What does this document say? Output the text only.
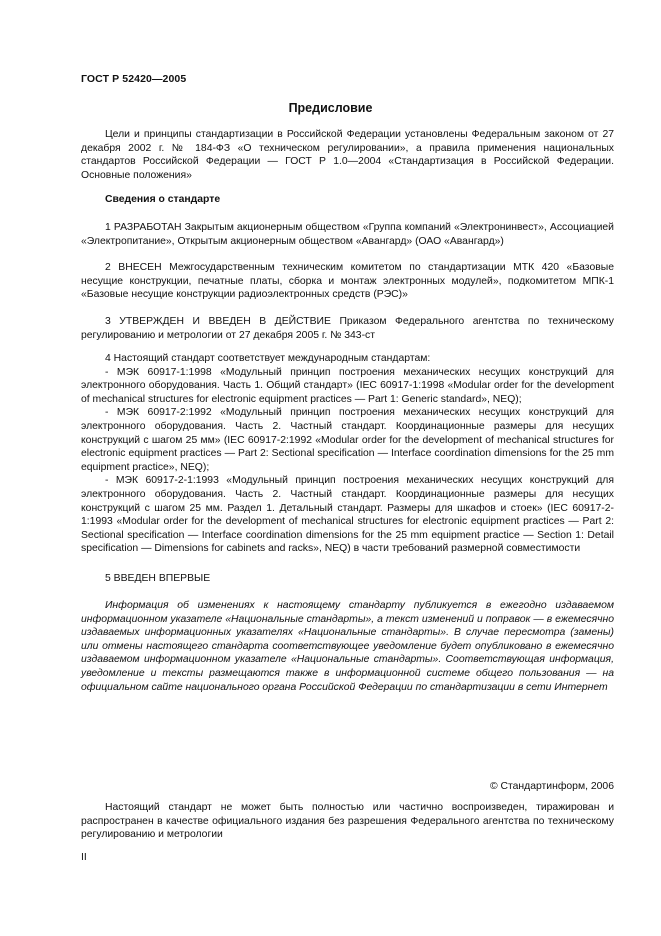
ГОСТ Р 52420—2005
Предисловие

Цели и принципы стандартизации в Российской Федерации установлены Федеральным законом от 27 декабря 2002 г. № 184-ФЗ «О техническом регулировании», а правила применения национальных стандартов Российской Федерации — ГОСТ Р 1.0—2004 «Стандартизация в Российской Федерации. Основные положения»

Сведения о стандарте

1 РАЗРАБОТАН Закрытым акционерным обществом «Группа компаний «Электронинвест», Ассоциацией «Электропитание», Открытым акционерным обществом «Авангард» (ОАО «Авангард»)

2 ВНЕСЕН Межгосударственным техническим комитетом по стандартизации МТК 420 «Базовые несущие конструкции, печатные платы, сборка и монтаж электронных модулей», подкомитетом МПК-1 «Базовые несущие конструкции радиоэлектронных средств (РЭС)»

3 УТВЕРЖДЕН И ВВЕДЕН В ДЕЙСТВИЕ Приказом Федерального агентства по техническому регулированию и метрологии от 27 декабря 2005 г. № 343-ст

4 Настоящий стандарт соответствует международным стандартам:

- МЭК 60917-1:1998 «Модульный принцип построения механических несущих конструкций для электронного оборудования. Часть 1. Общий стандарт» (IEC 60917-1:1998 «Modular order for the development of mechanical structures for electronic equipment practices — Part 1: Generic standard», NEQ);

- МЭК 60917-2:1992 «Модульный принцип построения механических несущих конструкций для электронного оборудования. Часть 2. Частный стандарт. Координационные размеры для несущих конструкций с шагом 25 мм» (IEC 60917-2:1992 «Modular order for the development of mechanical structures for electronic equipment practices — Part 2: Sectional specification — Interface coordination dimensions for the 25 mm equipment practice», NEQ);

- МЭК 60917-2-1:1993 «Модульный принцип построения механических несущих конструкций для электронного оборудования. Часть 2. Частный стандарт. Координационные размеры для несущих конструкций с шагом 25 мм. Раздел 1. Детальный стандарт. Размеры для шкафов и стоек» (IEC 60917-2-1:1993 «Modular order for the development of mechanical structures for electronic equipment practices — Part 2: Sectional specification — Interface coordination dimensions for the 25 mm equipment practice — Section 1: Detail specification — Dimensions for cabinets and racks», NEQ) в части требований размерной совместимости

5 ВВЕДЕН ВПЕРВЫЕ

Информация об изменениях к настоящему стандарту публикуется в ежегодно издаваемом информационном указателе «Национальные стандарты», а текст изменений и поправок — в ежемесячно издаваемых информационных указателях «Национальные стандарты». В случае пересмотра (замены) или отмены настоящего стандарта соответствующее уведомление будет опубликовано в ежемесячно издаваемом информационном указателе «Национальные стандарты». Соответствующая информация, уведомление и тексты размещаются также в информационной системе общего пользования — на официальном сайте национального органа Российской Федерации по стандартизации в сети Интернет

© Стандартинформ, 2006

Настоящий стандарт не может быть полностью или частично воспроизведен, тиражирован и распространен в качестве официального издания без разрешения Федерального агентства по техническому регулированию и метрологии

II
